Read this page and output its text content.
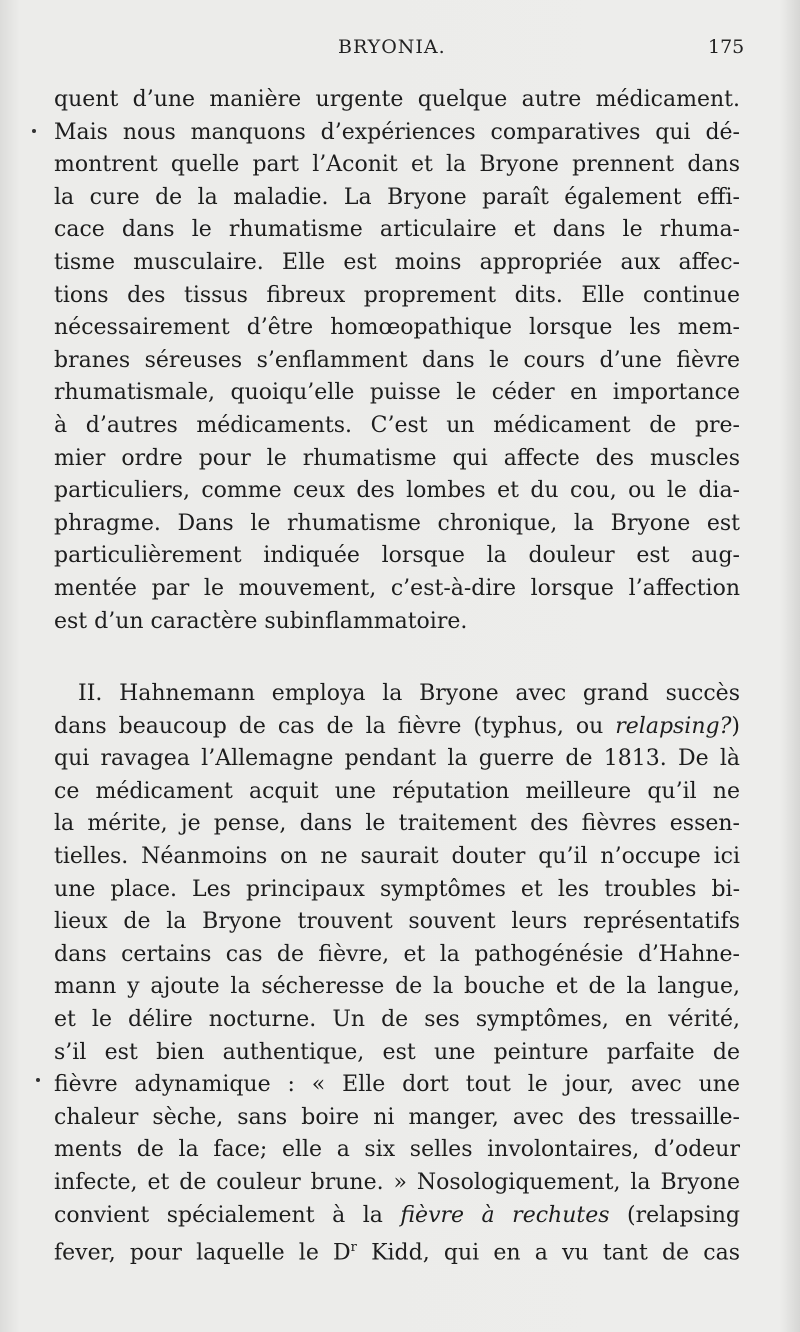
BRYONIA.	175
quent d’une manière urgente quelque autre médicament.
Mais nous manquons d’expériences comparatives qui dé-
montrent quelle part l’Aconit et la Bryone prennent dans
la cure de la maladie. La Bryone paraît également effi-
cace dans le rhumatisme articulaire et dans le rhuma-
tisme musculaire. Elle est moins appropriée aux affec-
tions des tissus fibreux proprement dits. Elle continue
nécessairement d’être homœopathique lorsque les mem-
branes séreuses s’enflamment dans le cours d’une fièvre
rhumatismale, quoiqu’elle puisse le céder en importance
à d’autres médicaments. C’est un médicament de pre-
mier ordre pour le rhumatisme qui affecte des muscles
particuliers, comme ceux des lombes et du cou, ou le dia-
phragme. Dans le rhumatisme chronique, la Bryone est
particulièrement indiquée lorsque la douleur est aug-
mentée par le mouvement, c’est-à-dire lorsque l’affection
est d’un caractère subinflammatoire.
II. Hahnemann employa la Bryone avec grand succès
dans beaucoup de cas de la fièvre (typhus, ou relapsing?)
qui ravagea l’Allemagne pendant la guerre de 1813. De là
ce médicament acquit une réputation meilleure qu’il ne
la mérite, je pense, dans le traitement des fièvres essen-
tielles. Néanmoins on ne saurait douter qu’il n’occupe ici
une place. Les principaux symptômes et les troubles bi-
lieux de la Bryone trouvent souvent leurs représentatifs
dans certains cas de fièvre, et la pathogénésie d’Hahne-
mann y ajoute la sécheresse de la bouche et de la langue,
et le délire nocturne. Un de ses symptômes, en vérité,
s’il est bien authentique, est une peinture parfaite de
fièvre adynamique : « Elle dort tout le jour, avec une
chaleur sèche, sans boire ni manger, avec des tressaille-
ments de la face; elle a six selles involontaires, d’odeur
infecte, et de couleur brune. » Nosologiquement, la Bryone
convient spécialement à la fièvre à rechutes (relapsing
fever, pour laquelle le $D^r$ Kidd, qui en a vu tant de cas
